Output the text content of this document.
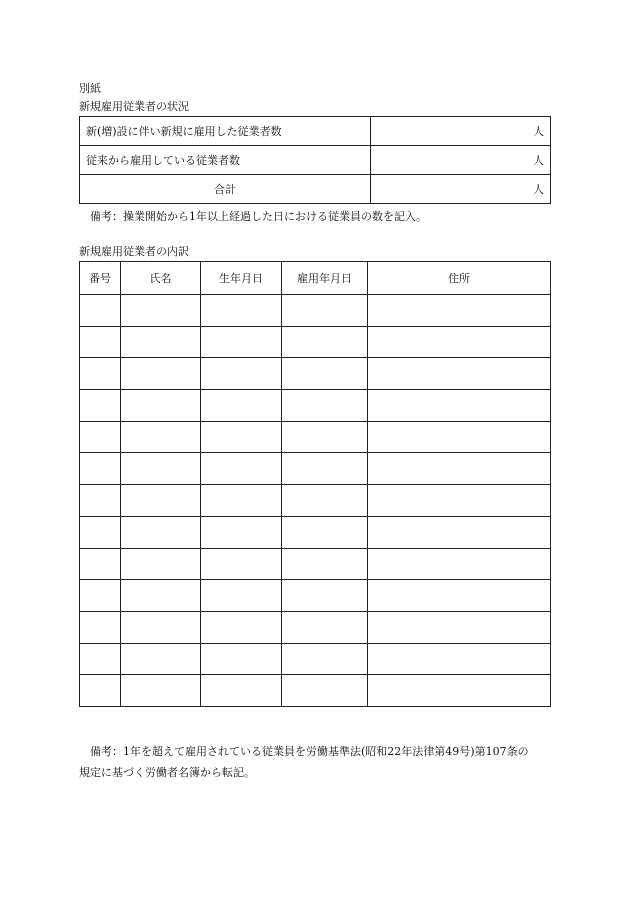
別紙
新規雇用従業者の状況
新(増)設に伴い新規に雇用した従業者数	人
従来から雇用している従業者数	人
合計	人
備考：操業開始から1年以上経過した日における従業員の数を記入。
新規雇用従業者の内訳
番号	氏名	生年月日	雇用年月日	住所

備考：1年を超えて雇用されている従業員を労働基準法(昭和22年法律第49号)第107条の
規定に基づく労働者名簿から転記。
